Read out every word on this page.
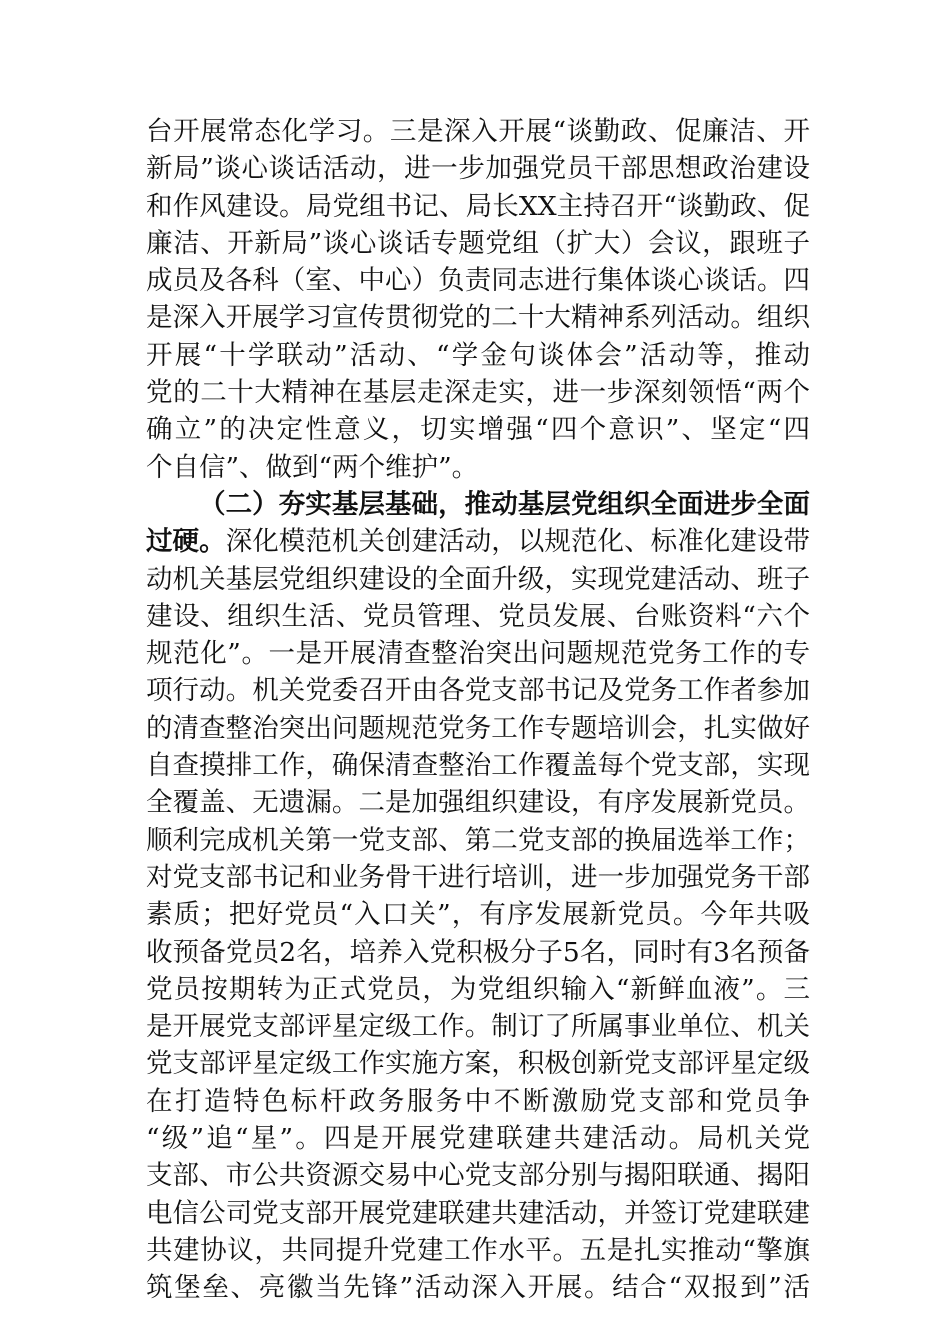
台开展常态化学习。三是深入开展“谈勤政、促廉洁、开
新局”谈心谈话活动，进一步加强党员干部思想政治建设
和作风建设。局党组书记、局长XX主持召开“谈勤政、促
廉洁、开新局”谈心谈话专题党组（扩大）会议，跟班子
成员及各科（室、中心）负责同志进行集体谈心谈话。四
是深入开展学习宣传贯彻党的二十大精神系列活动。组织
开展“十学联动”活动、“学金句谈体会”活动等，推动
党的二十大精神在基层走深走实，进一步深刻领悟“两个
确立”的决定性意义，切实增强“四个意识”、坚定“四
个自信”、做到“两个维护”。
（二）夯实基层基础，推动基层党组织全面进步全面
过硬。深化模范机关创建活动，以规范化、标准化建设带
动机关基层党组织建设的全面升级，实现党建活动、班子
建设、组织生活、党员管理、党员发展、台账资料“六个
规范化”。一是开展清查整治突出问题规范党务工作的专
项行动。机关党委召开由各党支部书记及党务工作者参加
的清查整治突出问题规范党务工作专题培训会，扎实做好
自查摸排工作，确保清查整治工作覆盖每个党支部，实现
全覆盖、无遗漏。二是加强组织建设，有序发展新党员。
顺利完成机关第一党支部、第二党支部的换届选举工作；
对党支部书记和业务骨干进行培训，进一步加强党务干部
素质；把好党员“入口关”，有序发展新党员。今年共吸
收预备党员2名，培养入党积极分子5名，同时有3名预备
党员按期转为正式党员，为党组织输入“新鲜血液”。三
是开展党支部评星定级工作。制订了所属事业单位、机关
党支部评星定级工作实施方案，积极创新党支部评星定级
在打造特色标杆政务服务中不断激励党支部和党员争
“级”追“星”。四是开展党建联建共建活动。局机关党
支部、市公共资源交易中心党支部分别与揭阳联通、揭阳
电信公司党支部开展党建联建共建活动，并签订党建联建
共建协议，共同提升党建工作水平。五是扎实推动“擎旗
筑堡垒、亮徽当先锋”活动深入开展。结合“双报到”活
